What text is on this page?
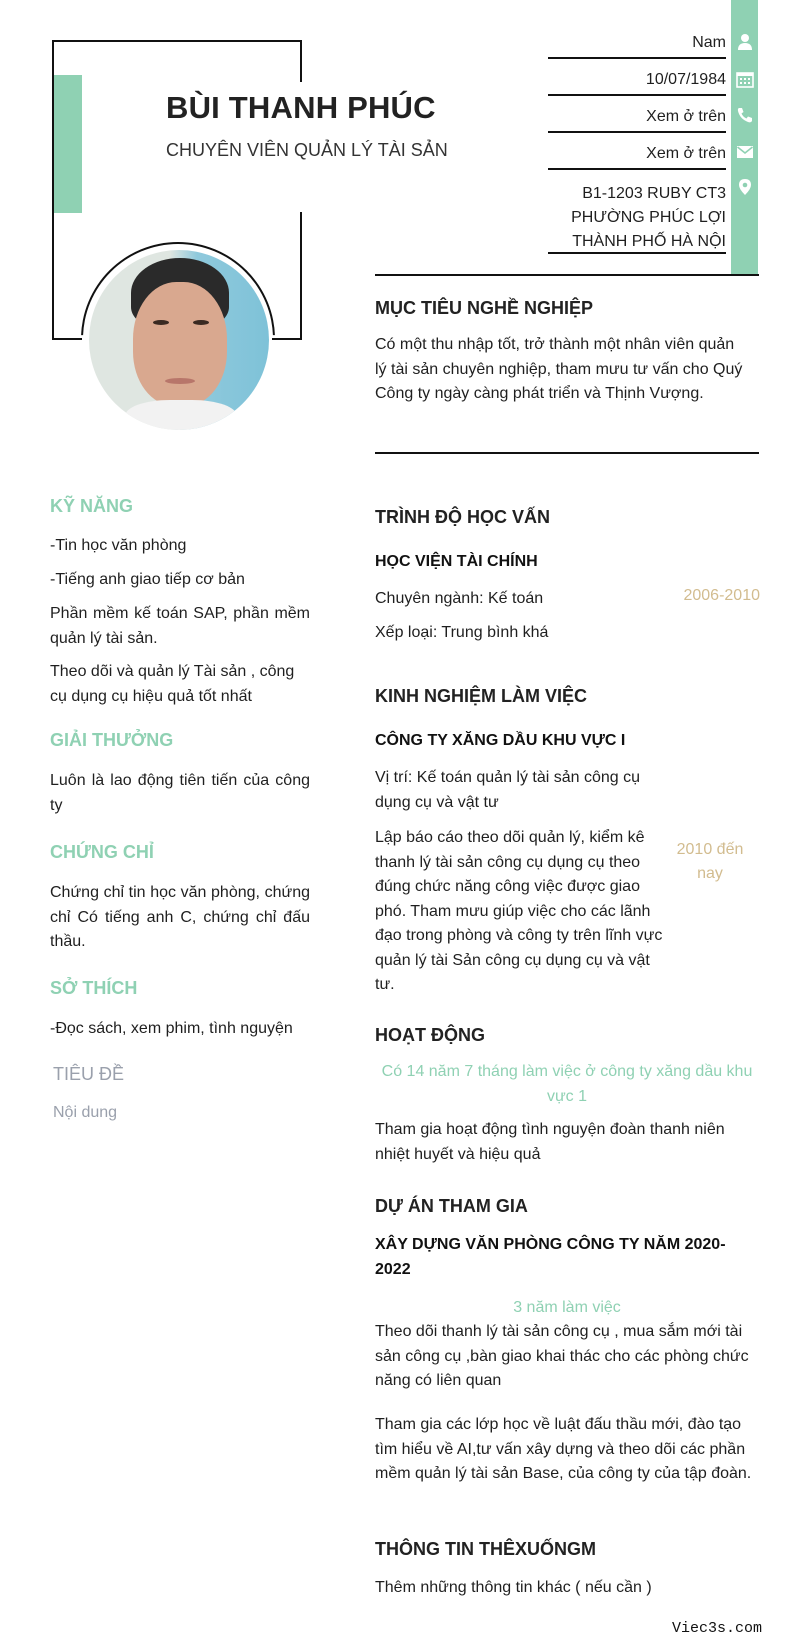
BÙI THANH PHÚC
CHUYÊN VIÊN QUẢN LÝ TÀI SẢN
Nam
10/07/1984
Xem ở trên
Xem ở trên
B1-1203 RUBY CT3
PHƯỜNG PHÚC LỢI
THÀNH PHỐ HÀ NỘI
MỤC TIÊU NGHỀ NGHIỆP
Có một thu nhập tốt, trở thành một nhân viên quản lý tài sản chuyên nghiệp, tham mưu tư vấn cho Quý Công ty ngày càng phát triển và Thịnh Vượng.
KỸ NĂNG
-Tin học văn phòng
-Tiếng anh giao tiếp cơ bản
Phần mềm kế toán SAP, phần mềm quản lý tài sản.
Theo dõi và quản lý Tài sản , công cụ dụng cụ hiệu quả tốt nhất
GIẢI THƯỞNG
Luôn là lao động tiên tiến của công ty
CHỨNG CHỈ
Chứng chỉ tin học văn phòng, chứng chỉ Có tiếng anh C, chứng chỉ đấu thầu.
SỞ THÍCH
-Đọc sách, xem phim, tình nguyện
TIÊU ĐỀ
Nội dung
TRÌNH ĐỘ HỌC VẤN
HỌC VIỆN TÀI CHÍNH
Chuyên ngành: Kế toán
Xếp loại: Trung bình khá
2006-2010
KINH NGHIỆM LÀM VIỆC
CÔNG TY XĂNG DẦU KHU VỰC I
Vị trí: Kế toán quản lý tài sản công cụ dụng cụ và vật tư
Lập báo cáo theo dõi quản lý, kiểm kê thanh lý tài sản công cụ dụng cụ theo đúng chức năng công việc được giao phó. Tham mưu giúp việc cho các lãnh đạo trong phòng và công ty trên lĩnh vực quản lý tài Sản công cụ dụng cụ và vật tư.
2010 đến nay
HOẠT ĐỘNG
Có 14 năm 7 tháng làm việc ở công ty xăng dầu khu vực 1
Tham gia hoạt động tình nguyện đoàn thanh niên nhiệt huyết và hiệu quả
DỰ ÁN THAM GIA
XÂY DỰNG VĂN PHÒNG CÔNG TY NĂM 2020-2022
3 năm làm việc
Theo dõi thanh lý tài sản công cụ , mua sắm mới tài sản công cụ ,bàn giao khai thác cho các phòng chức năng có liên quan
Tham gia các lớp học về luật đấu thầu mới, đào tạo tìm hiểu về AI,tư vấn xây dựng và theo dõi các phần mềm quản lý tài sản Base, của công ty của tập đoàn.
THÔNG TIN THÊXUỐNGM
Thêm những thông tin khác ( nếu cần )
Viec3s.com
